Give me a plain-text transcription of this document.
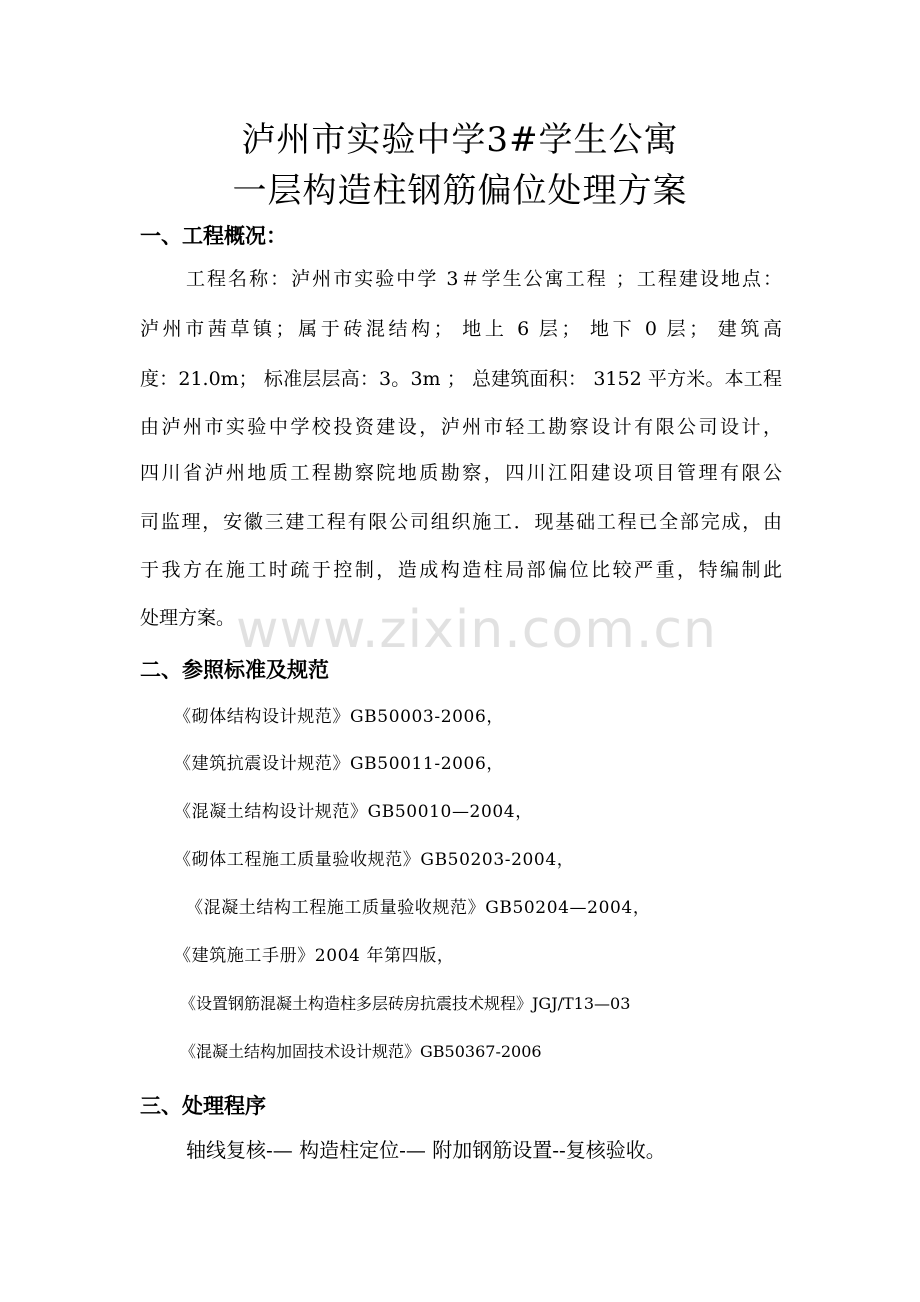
泸州市实验中学3#学生公寓
一层构造柱钢筋偏位处理方案
一、工程概况：
工程名称：泸州市实验中学 3＃学生公寓工程 ；工程建设地点：
泸州市茜草镇；属于砖混结构； 地上 6 层； 地下 0 层； 建筑高
度：21.0m； 标准层层高：3。3m ； 总建筑面积： 3152 平方米。本工程
由泸州市实验中学校投资建设，泸州市轻工勘察设计有限公司设计，
四川省泸州地质工程勘察院地质勘察，四川江阳建设项目管理有限公
司监理，安徽三建工程有限公司组织施工．现基础工程已全部完成，由
于我方在施工时疏于控制，造成构造柱局部偏位比较严重，特编制此
处理方案。 www.zixin.com.cn
二、参照标准及规范
《砌体结构设计规范》GB50003-2006，
《建筑抗震设计规范》GB50011-2006，
《混凝土结构设计规范》GB50010—2004，
《砌体工程施工质量验收规范》GB50203-2004，
《混凝土结构工程施工质量验收规范》GB50204—2004，
《建筑施工手册》2004 年第四版，
《设置钢筋混凝土构造柱多层砖房抗震技术规程》JGJ/T13—03
《混凝土结构加固技术设计规范》GB50367-2006
三、处理程序
轴线复核-— 构造柱定位-— 附加钢筋设置--复核验收。
